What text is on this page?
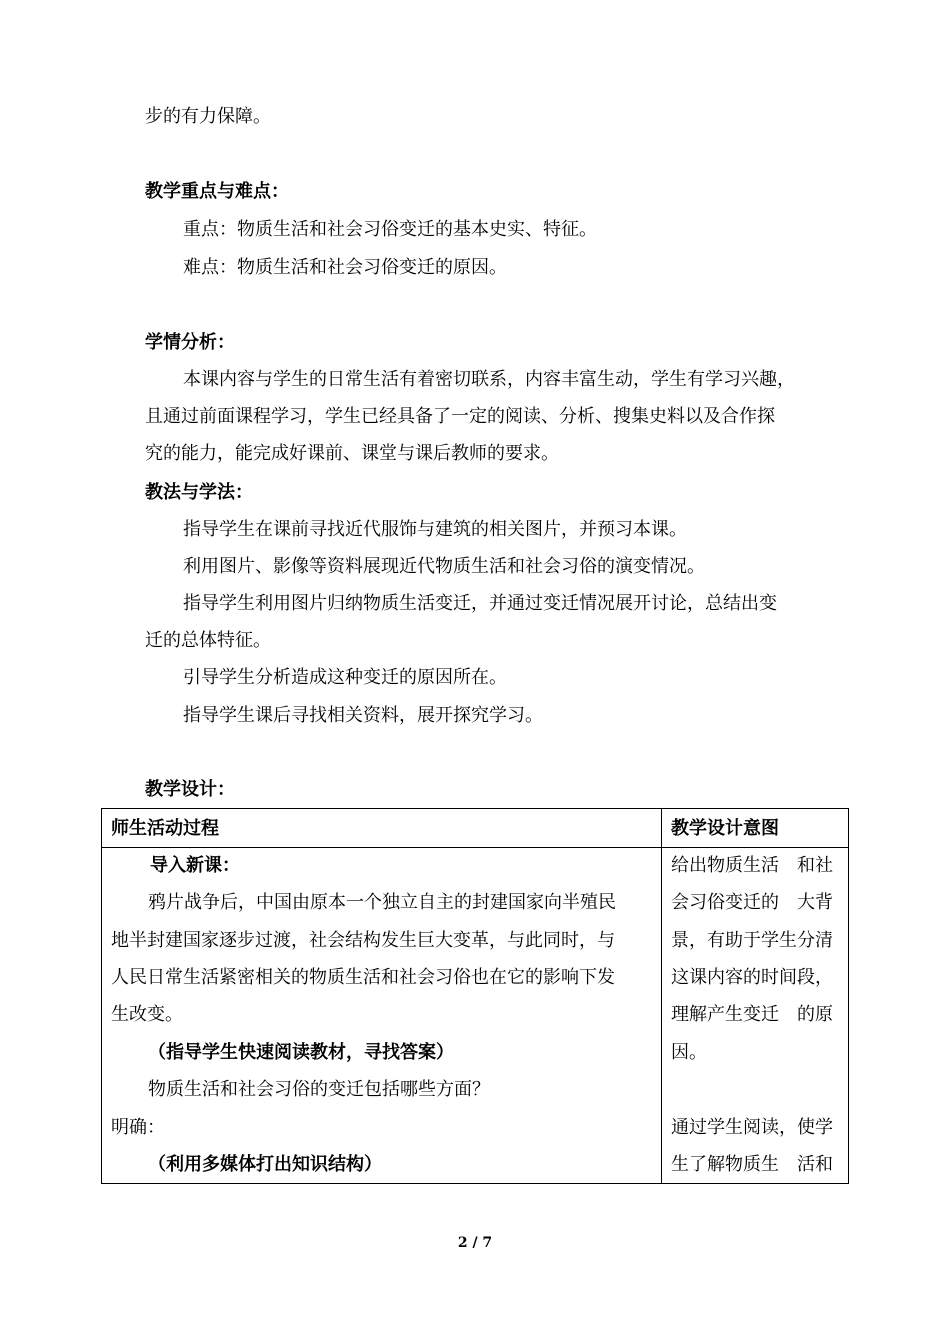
步的有力保障。
教学重点与难点：
重点：物质生活和社会习俗变迁的基本史实、特征。
难点：物质生活和社会习俗变迁的原因。
学情分析：
本课内容与学生的日常生活有着密切联系，内容丰富生动，学生有学习兴趣，
且通过前面课程学习，学生已经具备了一定的阅读、分析、搜集史料以及合作探
究的能力，能完成好课前、课堂与课后教师的要求。
教法与学法：
指导学生在课前寻找近代服饰与建筑的相关图片，并预习本课。
利用图片、影像等资料展现近代物质生活和社会习俗的演变情况。
指导学生利用图片归纳物质生活变迁，并通过变迁情况展开讨论，总结出变
迁的总体特征。
引导学生分析造成这种变迁的原因所在。
指导学生课后寻找相关资料，展开探究学习。
教学设计：
师生活动过程	教学设计意图
导入新课：
鸦片战争后，中国由原本一个独立自主的封建国家向半殖民
地半封建国家逐步过渡，社会结构发生巨大变革，与此同时，与
人民日常生活紧密相关的物质生活和社会习俗也在它的影响下发
生改变。
（指导学生快速阅读教材，寻找答案）
物质生活和社会习俗的变迁包括哪些方面？
明确：
（利用多媒体打出知识结构）
给出物质生活　和社
会习俗变迁的　大背
景，有助于学生分清
这课内容的时间段，
理解产生变迁　的原
因。
通过学生阅读，使学
生了解物质生　活和
2 / 7
